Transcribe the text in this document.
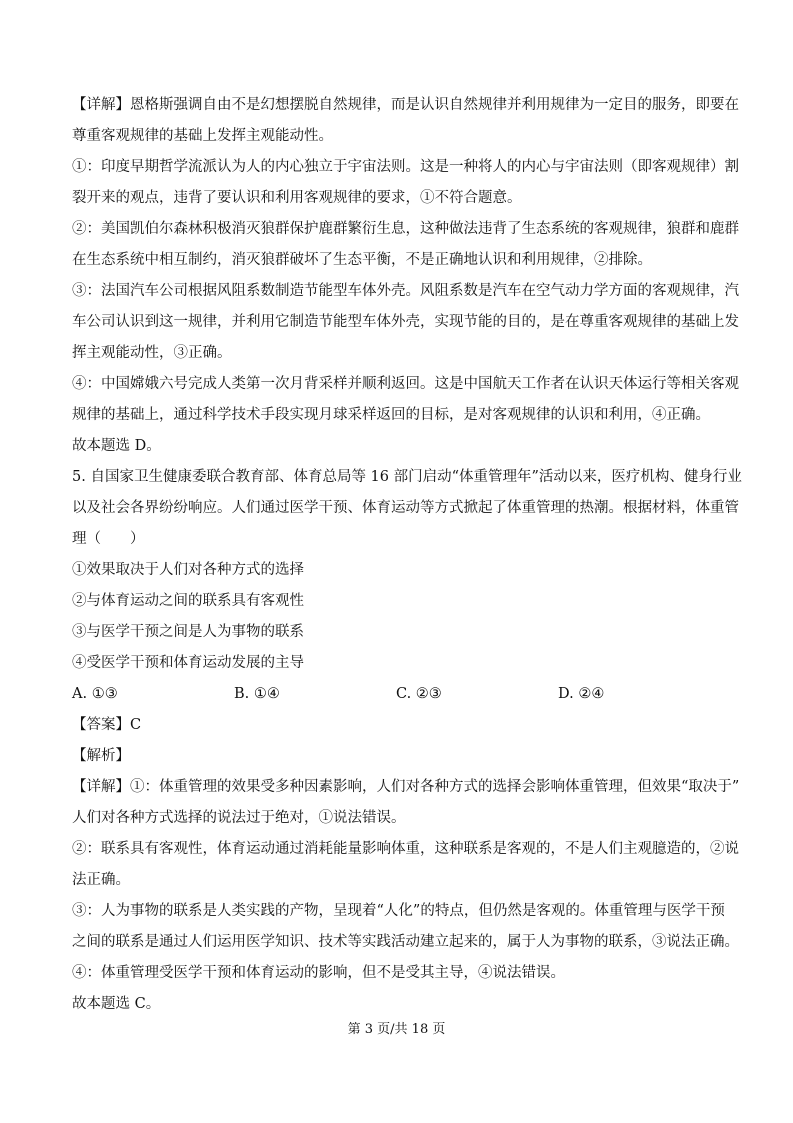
【详解】恩格斯强调自由不是幻想摆脱自然规律，而是认识自然规律并利用规律为一定目的服务，即要在
尊重客观规律的基础上发挥主观能动性。
①：印度早期哲学流派认为人的内心独立于宇宙法则。这是一种将人的内心与宇宙法则（即客观规律）割
裂开来的观点，违背了要认识和利用客观规律的要求，①不符合题意。
②：美国凯伯尔森林积极消灭狼群保护鹿群繁衍生息，这种做法违背了生态系统的客观规律，狼群和鹿群
在生态系统中相互制约，消灭狼群破坏了生态平衡，不是正确地认识和利用规律，②排除。
③：法国汽车公司根据风阻系数制造节能型车体外壳。风阻系数是汽车在空气动力学方面的客观规律，汽
车公司认识到这一规律，并利用它制造节能型车体外壳，实现节能的目的，是在尊重客观规律的基础上发
挥主观能动性，③正确。
④：中国嫦娥六号完成人类第一次月背采样并顺利返回。这是中国航天工作者在认识天体运行等相关客观
规律的基础上，通过科学技术手段实现月球采样返回的目标，是对客观规律的认识和利用，④正确。
故本题选 D。
5. 自国家卫生健康委联合教育部、体育总局等 16 部门启动“体重管理年”活动以来，医疗机构、健身行业
以及社会各界纷纷响应。人们通过医学干预、体育运动等方式掀起了体重管理的热潮。根据材料，体重管
理（　　）
①效果取决于人们对各种方式的选择
②与体育运动之间的联系具有客观性
③与医学干预之间是人为事物的联系
④受医学干预和体育运动发展的主导
A. ①③	B. ①④	C. ②③	D. ②④
【答案】C
【解析】
【详解】①：体重管理的效果受多种因素影响，人们对各种方式的选择会影响体重管理，但效果“取决于”
人们对各种方式选择的说法过于绝对，①说法错误。
②：联系具有客观性，体育运动通过消耗能量影响体重，这种联系是客观的，不是人们主观臆造的，②说
法正确。
③：人为事物的联系是人类实践的产物，呈现着“人化”的特点，但仍然是客观的。体重管理与医学干预
之间的联系是通过人们运用医学知识、技术等实践活动建立起来的，属于人为事物的联系，③说法正确。
④：体重管理受医学干预和体育运动的影响，但不是受其主导，④说法错误。
故本题选 C。
第 3 页/共 18 页
